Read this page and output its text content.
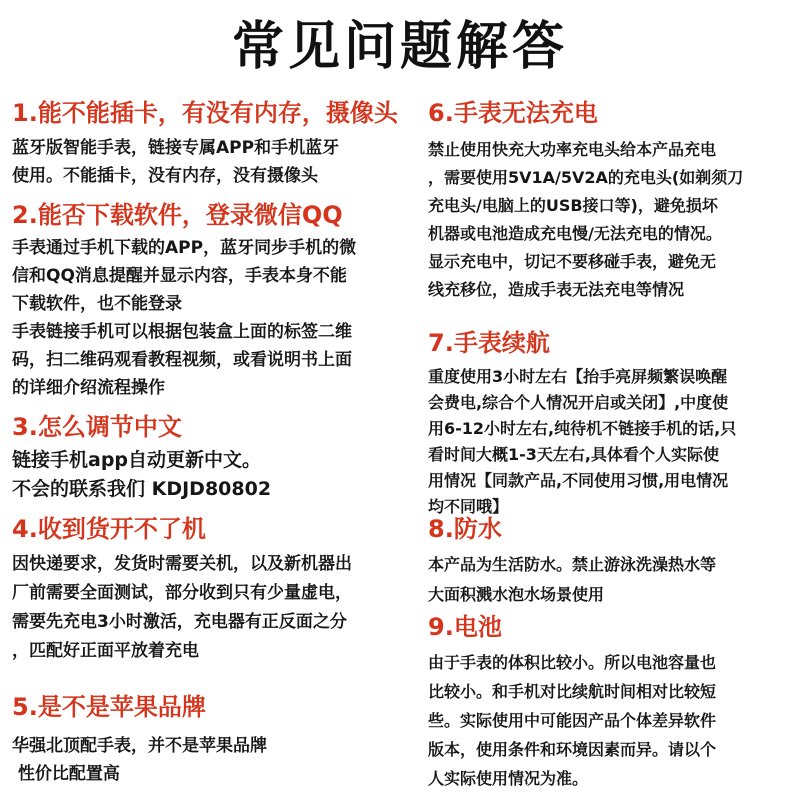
常见问题解答
1.能不能插卡，有没有内存，摄像头

蓝牙版智能手表，链接专属APP和手机蓝牙

使用。不能插卡，没有内存，没有摄像头

2.能否下载软件，登录微信QQ

手表通过手机下载的APP，蓝牙同步手机的微

信和QQ消息提醒并显示内容，手表本身不能

下载软件，也不能登录

手表链接手机可以根据包装盒上面的标签二维

码，扫二维码观看教程视频，或看说明书上面

的详细介绍流程操作

3.怎么调节中文

链接手机app自动更新中文。

不会的联系我们 KDJD80802

4.收到货开不了机

因快递要求，发货时需要关机，以及新机器出

厂前需要全面测试，部分收到只有少量虚电，

需要先充电3小时激活，充电器有正反面之分

，匹配好正面平放着充电

5.是不是苹果品牌

华强北顶配手表，并不是苹果品牌

性价比配置高

6.手表无法充电

禁止使用快充大功率充电头给本产品充电

，需要使用5V1A/5V2A的充电头(如剃须刀

充电头/电脑上的USB接口等)，避免损坏

机器或电池造成充电慢/无法充电的情况。

显示充电中，切记不要移碰手表，避免无

线充移位，造成手表无法充电等情况

7.手表续航

重度使用3小时左右【抬手亮屏频繁误唤醒

会费电,综合个人情况开启或关闭】,中度使

用6-12小时左右,纯待机不链接手机的话,只

看时间大概1-3天左右,具体看个人实际使

用情况【同款产品,不同使用习惯,用电情况

均不同哦】

8.防水

本产品为生活防水。禁止游泳洗澡热水等

大面积溅水泡水场景使用

9.电池

由于手表的体积比较小。所以电池容量也

比较小。和手机对比续航时间相对比较短

些。实际使用中可能因产品个体差异软件

版本，使用条件和环境因素而异。请以个

人实际使用情况为准。
